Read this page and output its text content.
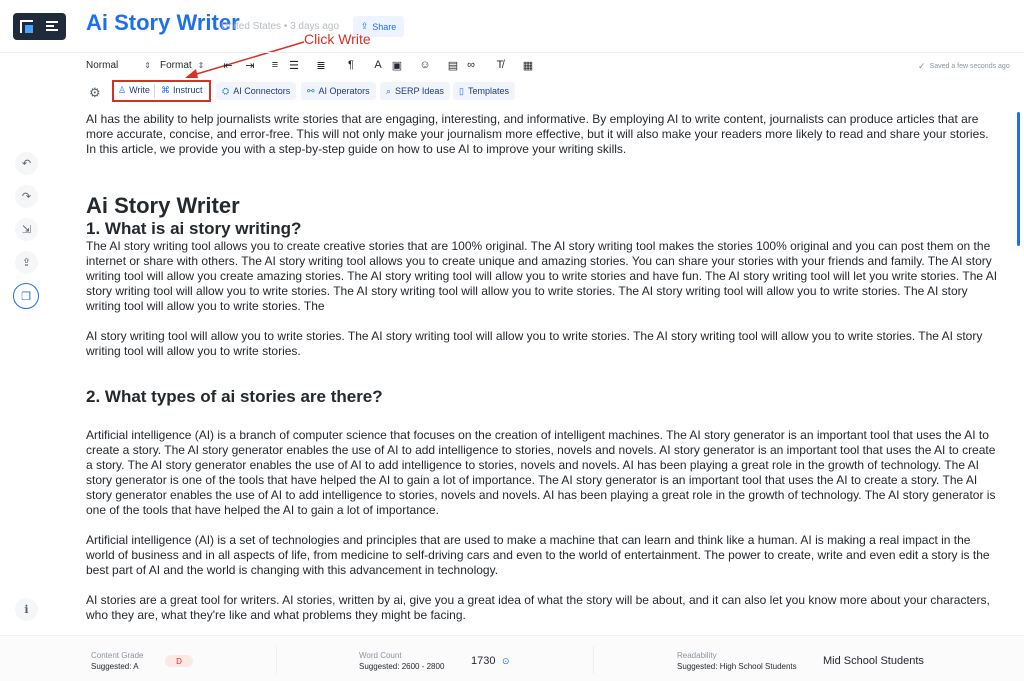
Ai Story Writer
United States • 3 days ago ⇪ Share
Click Write
Normal	⇕ Format ⇕ ⇤ ⇥	≡ ☰ ≣	¶	A ▣ ☺ ▤ ∞	T̸	▦	✓ Saved a few seconds ago
⚙ ♙ Write ⌘ Instruct ⛭ AI Connectors ⚯ AI Operators ⌕ SERP Ideas ▯ Templates
↶
↷
⇲
⇪
❐
ℹ

AI has the ability to help journalists write stories that are engaging, interesting, and informative. By employing AI to write content, journalists can produce articles that are more accurate, concise, and error-free. This will not only make your journalism more effective, but it will also make your readers more likely to read and share your stories. In this article, we provide you with a step-by-step guide on how to use AI to improve your writing skills.

Ai Story Writer
1. What is ai story writing?

The AI story writing tool allows you to create creative stories that are 100% original. The AI story writing tool makes the stories 100% original and you can post them on the internet or share with others. The AI story writing tool allows you to create unique and amazing stories. You can share your stories with your friends and family. The AI story writing tool will allow you create amazing stories. The AI story writing tool will allow you to write stories and have fun. The AI story writing tool will let you write stories. The AI story writing tool will allow you to write stories. The AI story writing tool will allow you to write stories. The AI story writing tool will allow you to write stories. The AI story writing tool will allow you to write stories. The

AI story writing tool will allow you to write stories. The AI story writing tool will allow you to write stories. The AI story writing tool will allow you to write stories. The AI story writing tool will allow you to write stories.

2. What types of ai stories are there?

Artificial intelligence (AI) is a branch of computer science that focuses on the creation of intelligent machines. The AI story generator is an important tool that uses the AI to create a story. The AI story generator enables the use of AI to add intelligence to stories, novels and novels. AI story generator is an important tool that uses the AI to create a story. The AI story generator enables the use of AI to add intelligence to stories, novels and novels. AI has been playing a great role in the growth of technology. The AI story generator is one of the tools that have helped the AI to gain a lot of importance. The AI story generator is an important tool that uses the AI to create a story. The AI story generator enables the use of AI to add intelligence to stories, novels and novels. AI has been playing a great role in the growth of technology. The AI story generator is one of the tools that have helped the AI to gain a lot of importance.

Artificial intelligence (AI) is a set of technologies and principles that are used to make a machine that can learn and think like a human. AI is making a real impact in the world of business and in all aspects of life, from medicine to self-driving cars and even to the world of entertainment. The power to create, write and even edit a story is the best part of AI and the world is changing with this advancement in technology.

AI stories are a great tool for writers. AI stories, written by ai, give you a great idea of what the story will be about, and it can also let you know more about your characters, who they are, what they're like and what problems they might be facing.

Content Grade
Suggested: A
D
Word Count
Suggested: 2600 - 2800 1730 ⊙
Readability
Suggested: High School Students Mid School Students
